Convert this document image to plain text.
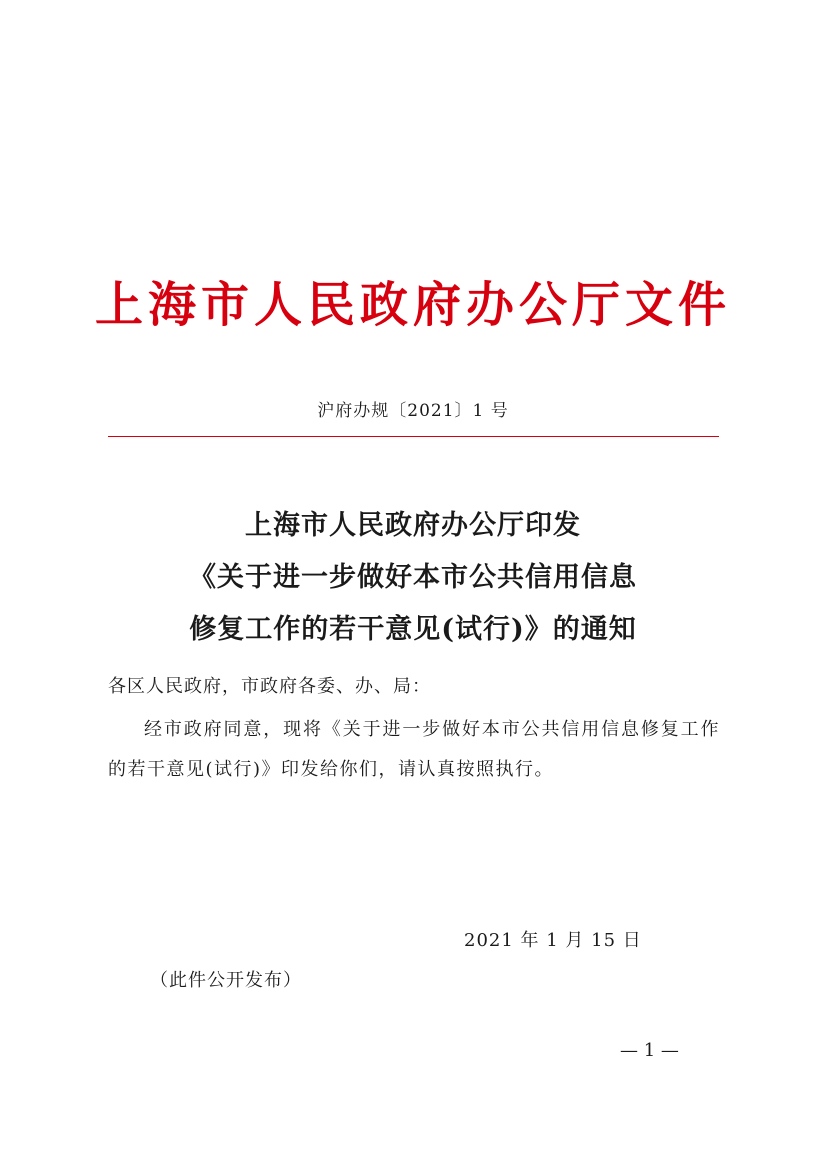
上海市人民政府办公厅文件
沪府办规〔2021〕1 号
上海市人民政府办公厅印发
《关于进一步做好本市公共信用信息
修复工作的若干意见(试行)》的通知
各区人民政府，市政府各委、办、局：
经市政府同意，现将《关于进一步做好本市公共信用信息修复工作的若干意见(试行)》印发给你们，请认真按照执行。
2021 年 1 月 15 日
（此件公开发布）
— 1 —
